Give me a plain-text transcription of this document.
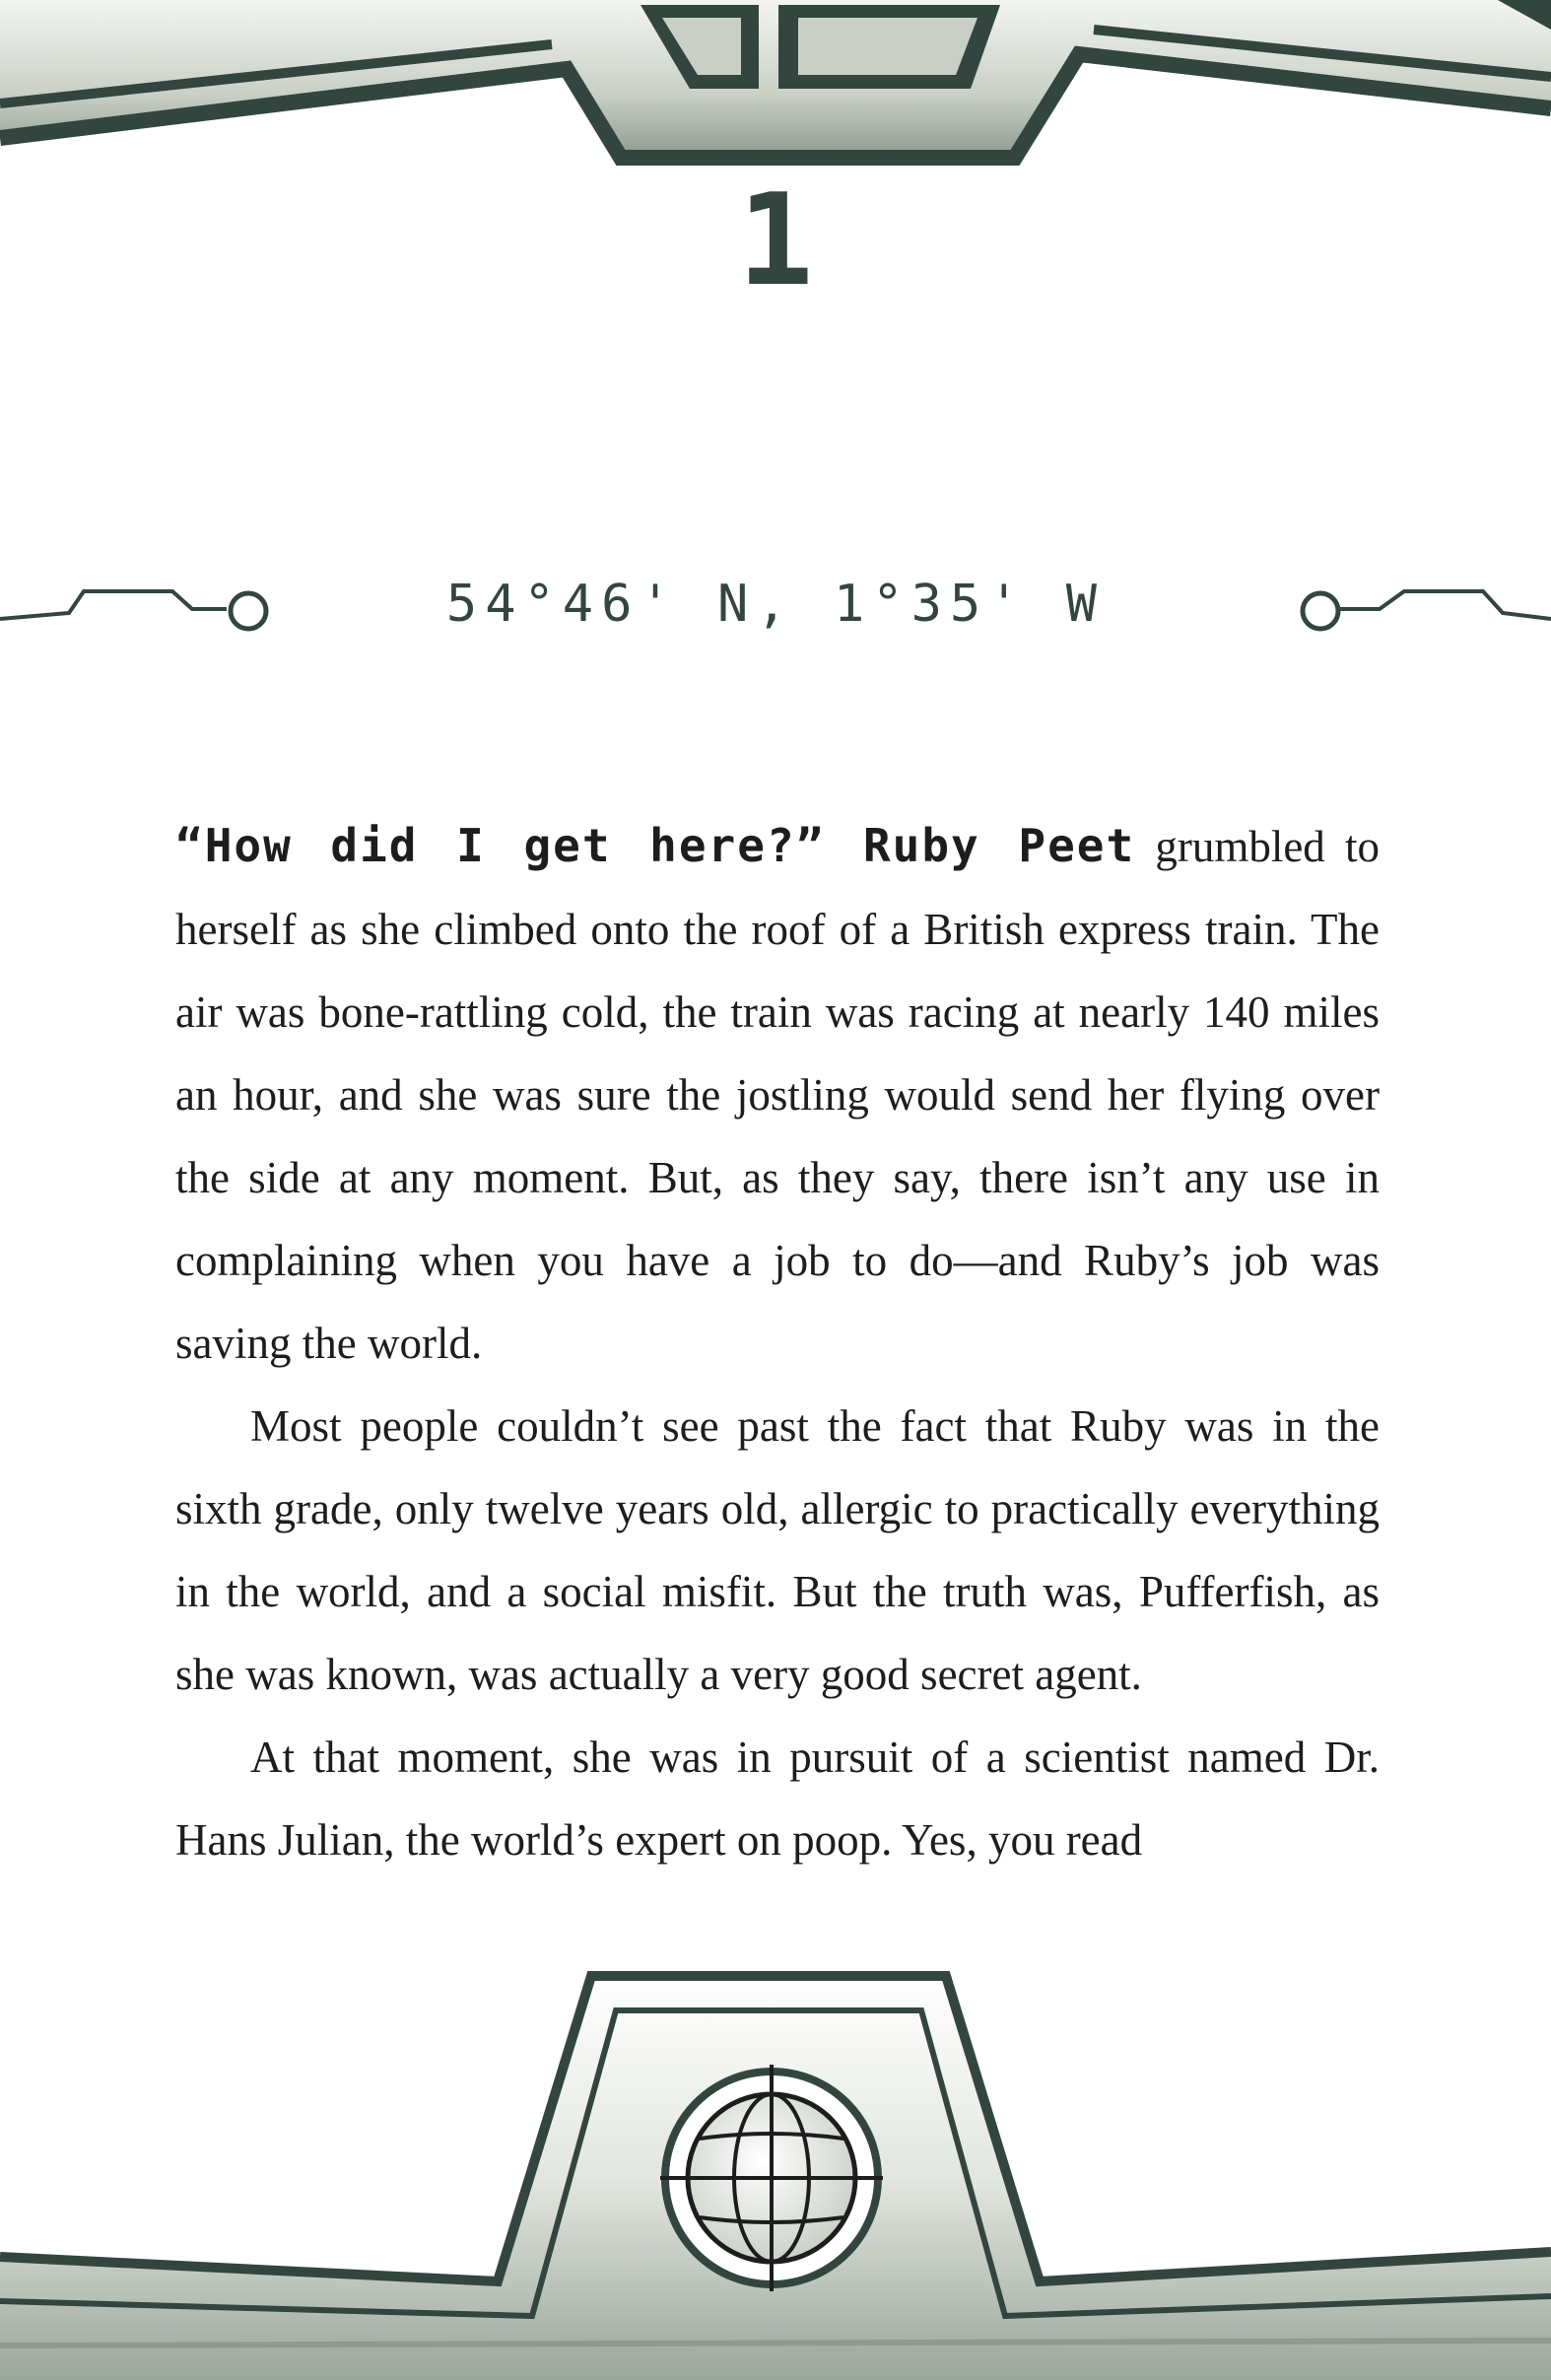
1
54°46' N, 1°35' W

“How did I get here?” Ruby Peet grumbled to herself as she climbed onto the roof of a British express train. The air was bone-rattling cold, the train was racing at nearly 140 miles an hour, and she was sure the jostling would send her flying over the side at any moment. But, as they say, there isn’t any use in complaining when you have a job to do—and Ruby’s job was saving the world.

Most people couldn’t see past the fact that Ruby was in the sixth grade, only twelve years old, allergic to practically everything in the world, and a social misfit. But the truth was, Pufferfish, as she was known, was actually a very good secret agent.

At that moment, she was in pursuit of a scientist named Dr. Hans Julian, the world’s expert on poop. Yes, you read
